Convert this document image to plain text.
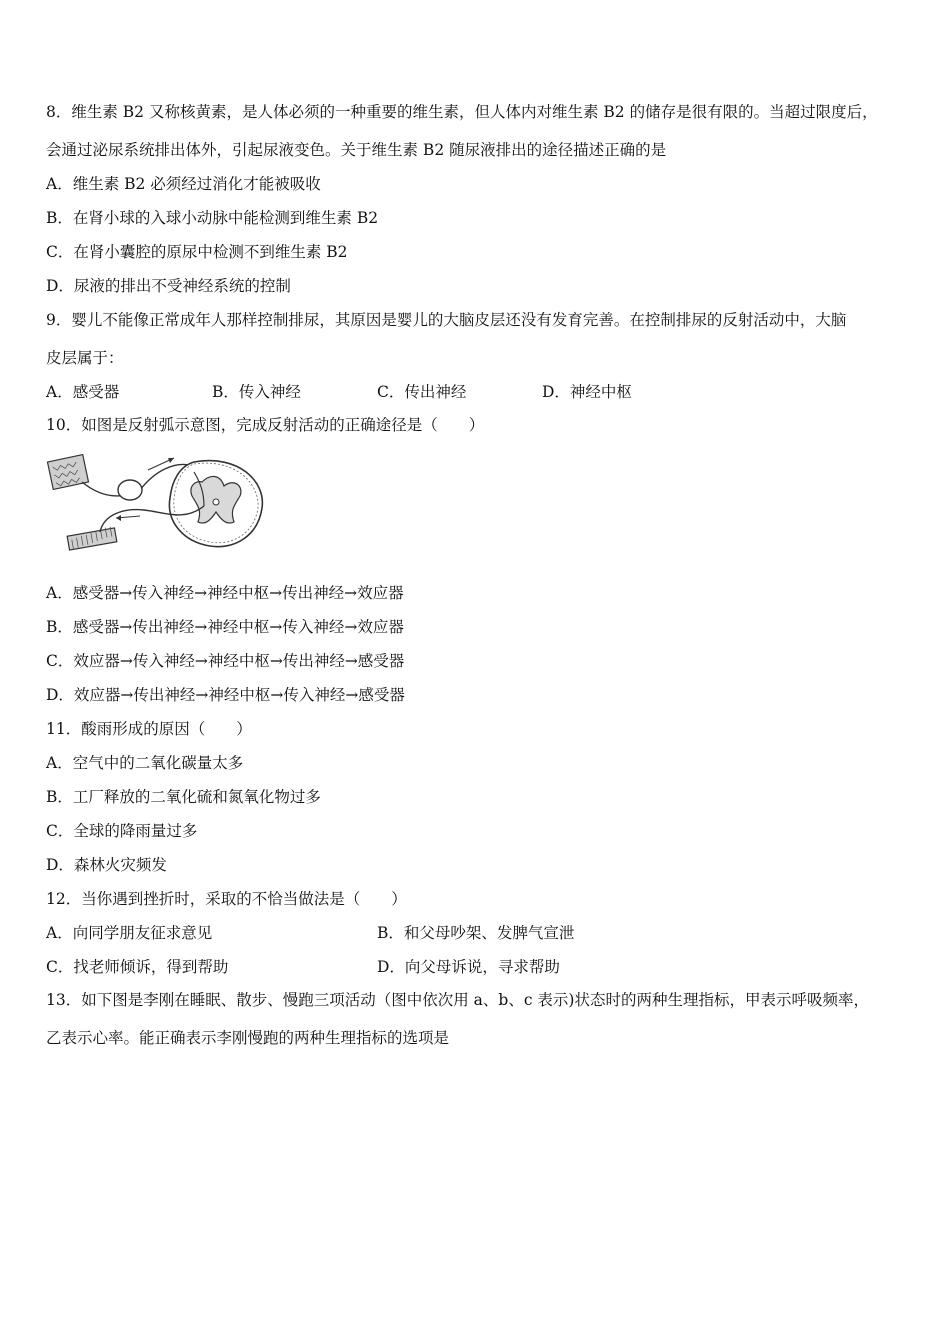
8．维生素 B2 又称核黄素，是人体必须的一种重要的维生素，但人体内对维生素 B2 的储存是很有限的。当超过限度后，
会通过泌尿系统排出体外，引起尿液变色。关于维生素 B2 随尿液排出的途径描述正确的是
A．维生素 B2 必须经过消化才能被吸收
B．在肾小球的入球小动脉中能检测到维生素 B2
C．在肾小囊腔的原尿中检测不到维生素 B2
D．尿液的排出不受神经系统的控制
9．婴儿不能像正常成年人那样控制排尿，其原因是婴儿的大脑皮层还没有发育完善。在控制排尿的反射活动中，大脑
皮层属于：
A．感受器	B．传入神经	C．传出神经	D．神经中枢
10．如图是反射弧示意图，完成反射活动的正确途径是（　　）
A．感受器→传入神经→神经中枢→传出神经→效应器
B．感受器→传出神经→神经中枢→传入神经→效应器
C．效应器→传入神经→神经中枢→传出神经→感受器
D．效应器→传出神经→神经中枢→传入神经→感受器
11．酸雨形成的原因（　　）
A．空气中的二氧化碳量太多
B．工厂释放的二氧化硫和氮氧化物过多
C．全球的降雨量过多
D．森林火灾频发
12．当你遇到挫折时，采取的不恰当做法是（　　）
A．向同学朋友征求意见	B．和父母吵架、发脾气宣泄
C．找老师倾诉，得到帮助	D．向父母诉说，寻求帮助
13．如下图是李刚在睡眠、散步、慢跑三项活动（图中依次用 a、b、c 表示)状态时的两种生理指标，甲表示呼吸频率，
乙表示心率。能正确表示李刚慢跑的两种生理指标的选项是
